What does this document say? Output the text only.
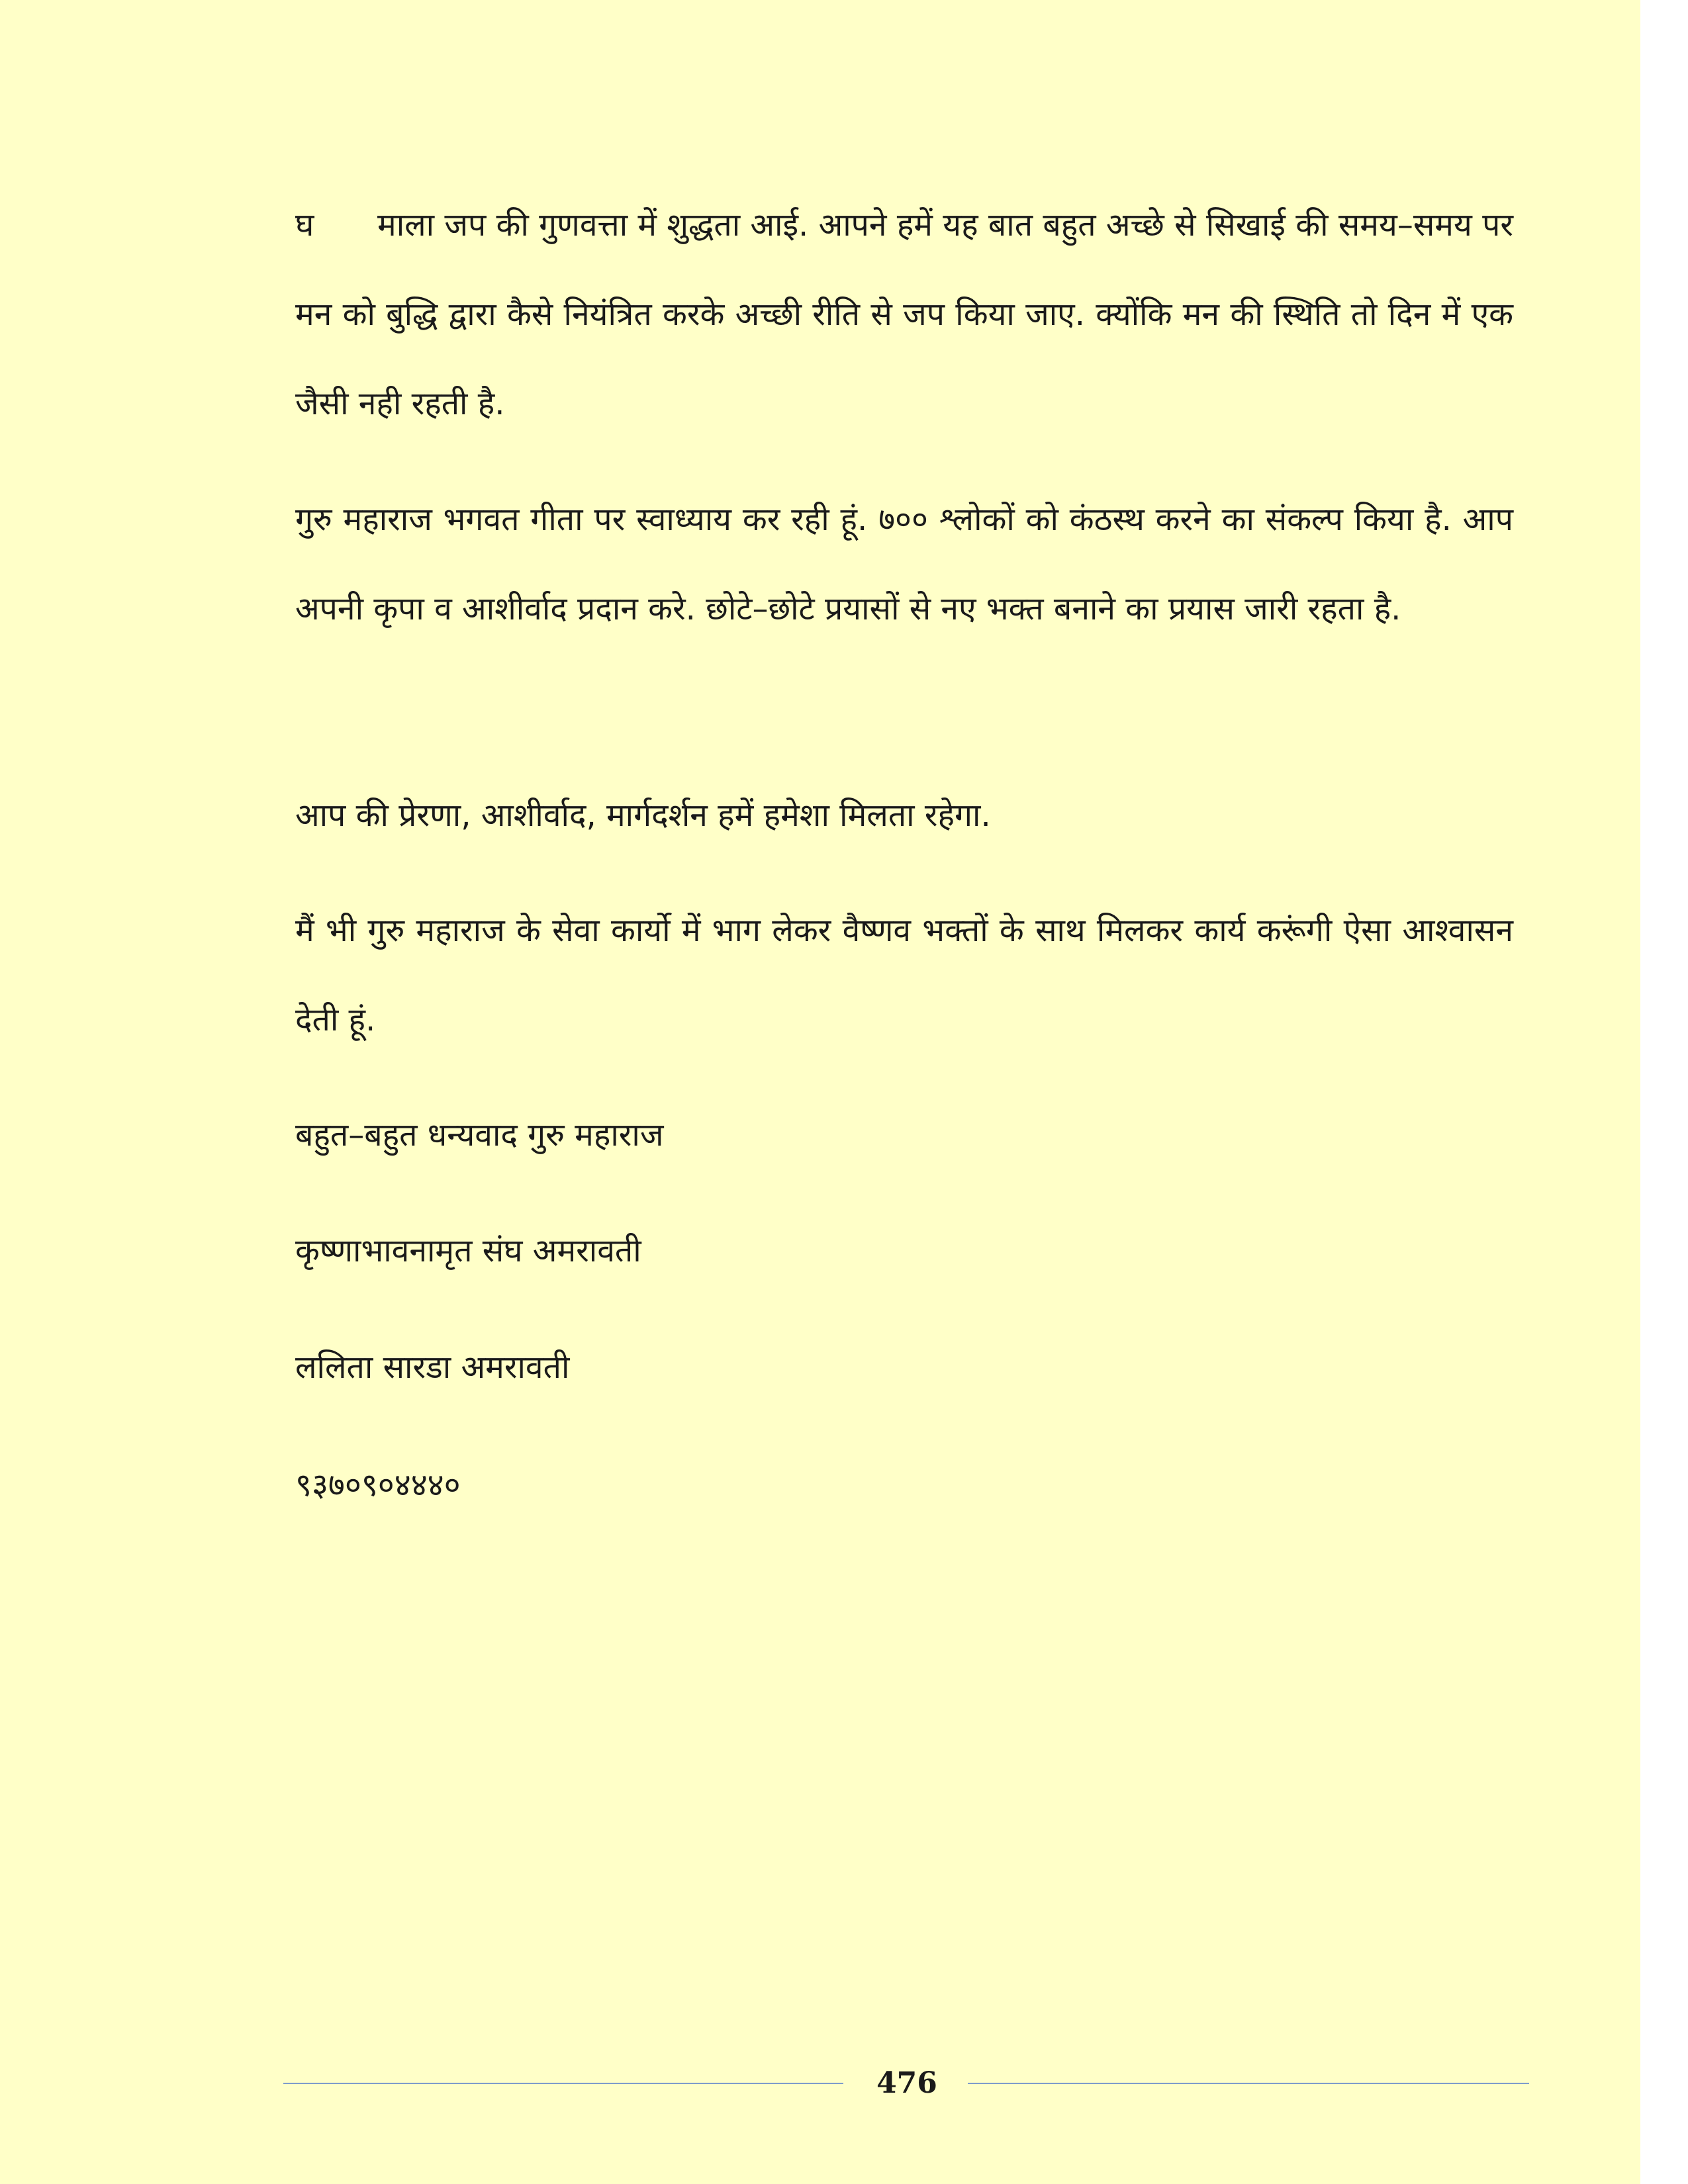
घ माला जप की गुणवत्ता में शुद्धता आई. आपने हमें यह बात बहुत अच्छे से सिखाई की समय–समय पर मन को बुद्धि द्वारा कैसे नियंत्रित करके अच्छी रीति से जप किया जाए. क्योंकि मन की स्थिति तो दिन में एक जैसी नही रहती है.

गुरु महाराज भगवत गीता पर स्वाध्याय कर रही हूं. ७०० श्लोकों को कंठस्थ करने का संकल्प किया है. आप अपनी कृपा व आशीर्वाद प्रदान करे. छोटे–छोटे प्रयासों से नए भक्त बनाने का प्रयास जारी रहता है.

आप की प्रेरणा, आशीर्वाद, मार्गदर्शन हमें हमेशा मिलता रहेगा.

मैं भी गुरु महाराज के सेवा कार्यो में भाग लेकर वैष्णव भक्तों के साथ मिलकर कार्य करूंगी ऐसा आश्वासन देती हूं.

बहुत–बहुत धन्यवाद गुरु महाराज

कृष्णाभावनामृत संघ अमरावती

ललिता सारडा अमरावती

९३७०९०४४४०

476
